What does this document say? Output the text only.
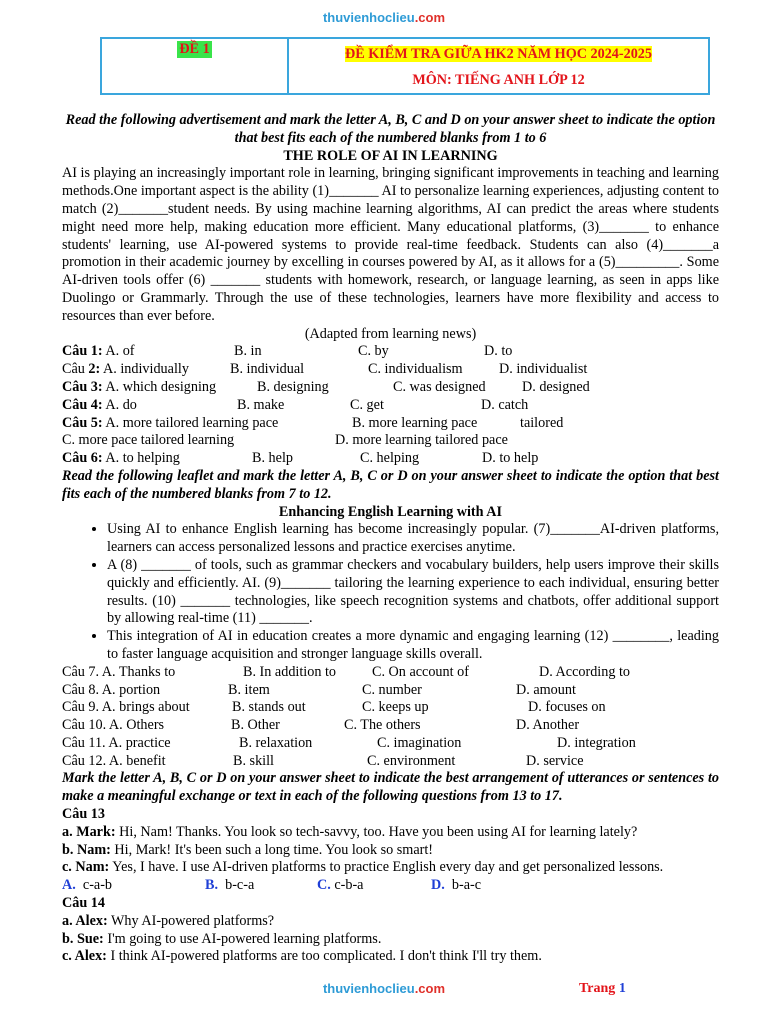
thuvienhoclieu.com
ĐỀ 1	ĐỀ KIỂM TRA GIỮA HK2 NĂM HỌC 2024-2025
MÔN: TIẾNG ANH LỚP 12

Read the following advertisement and mark the letter A, B, C and D on your answer sheet to indicate the option that best fits each of the numbered blanks from 1 to 6

THE ROLE OF AI IN LEARNING

AI is playing an increasingly important role in learning, bringing significant improvements in teaching and learning methods.One important aspect is the ability (1)_______ AI to personalize learning experiences, adjusting content to match (2)_______student needs. By using machine learning algorithms, AI can predict the areas where students might need more help, making education more efficient. Many educational platforms, (3)_______ to enhance students' learning, use AI-powered systems to provide real-time feedback. Students can also (4)_______a promotion in their academic journey by excelling in courses powered by AI, as it allows for a (5)_________. Some AI-driven tools offer (6) _______ students with homework, research, or language learning, as seen in apps like Duolingo or Grammarly. Through the use of these technologies, learners have more flexibility and access to resources than ever before.

(Adapted from learning news)

Câu 1: A. of	B. in	C. by	D. to
Câu 2: A. individually	B. individual	C. individualism	D. individualist
Câu 3: A. which designing	B. designing	C. was designed	D. designed
Câu 4: A. do	B. make	C. get	D. catch
Câu 5: A. more tailored learning pace	B. more learning pace	tailored
C. more pace tailored learning	D. more learning tailored pace
Câu 6: A. to helping	B. help	C. helping	D. to help

Read the following leaflet and mark the letter A, B, C or D on your answer sheet to indicate the option that best fits each of the numbered blanks from 7 to 12.

Enhancing English Learning with AI

• Using AI to enhance English learning has become increasingly popular. (7)_______AI-driven platforms, learners can access personalized lessons and practice exercises anytime.
• A (8) _______ of tools, such as grammar checkers and vocabulary builders, help users improve their skills quickly and efficiently. AI. (9)_______ tailoring the learning experience to each individual, ensuring better results. (10) _______ technologies, like speech recognition systems and chatbots, offer additional support by allowing real-time (11) _______.
• This integration of AI in education creates a more dynamic and engaging learning (12) ________, leading to faster language acquisition and stronger language skills overall.
Câu 7. A. Thanks to	B. In addition to	C. On account of	D. According to
Câu 8. A. portion	B. item	C. number	D. amount
Câu 9. A. brings about	B. stands out	C. keeps up	D. focuses on
Câu 10. A. Others	B. Other	C. The others	D. Another
Câu 11. A. practice	B. relaxation	C. imagination	D. integration
Câu 12. A. benefit	B. skill	C. environment	D. service

Mark the letter A, B, C or D on your answer sheet to indicate the best arrangement of utterances or sentences to make a meaningful exchange or text in each of the following questions from 13 to 17.

Câu 13

a. Mark: Hi, Nam! Thanks. You look so tech-savvy, too. Have you been using AI for learning lately?

b. Nam: Hi, Mark! It's been such a long time. You look so smart!

c. Nam: Yes, I have. I use AI-driven platforms to practice English every day and get personalized lessons.

A. c-a-b	B. b-c-a	C. c-b-a	D. b-a-c

Câu 14

a. Alex: Why AI-powered platforms?

b. Sue: I'm going to use AI-powered learning platforms.

c. Alex: I think AI-powered platforms are too complicated. I don't think I'll try them.

thuvienhoclieu.com	Trang 1
